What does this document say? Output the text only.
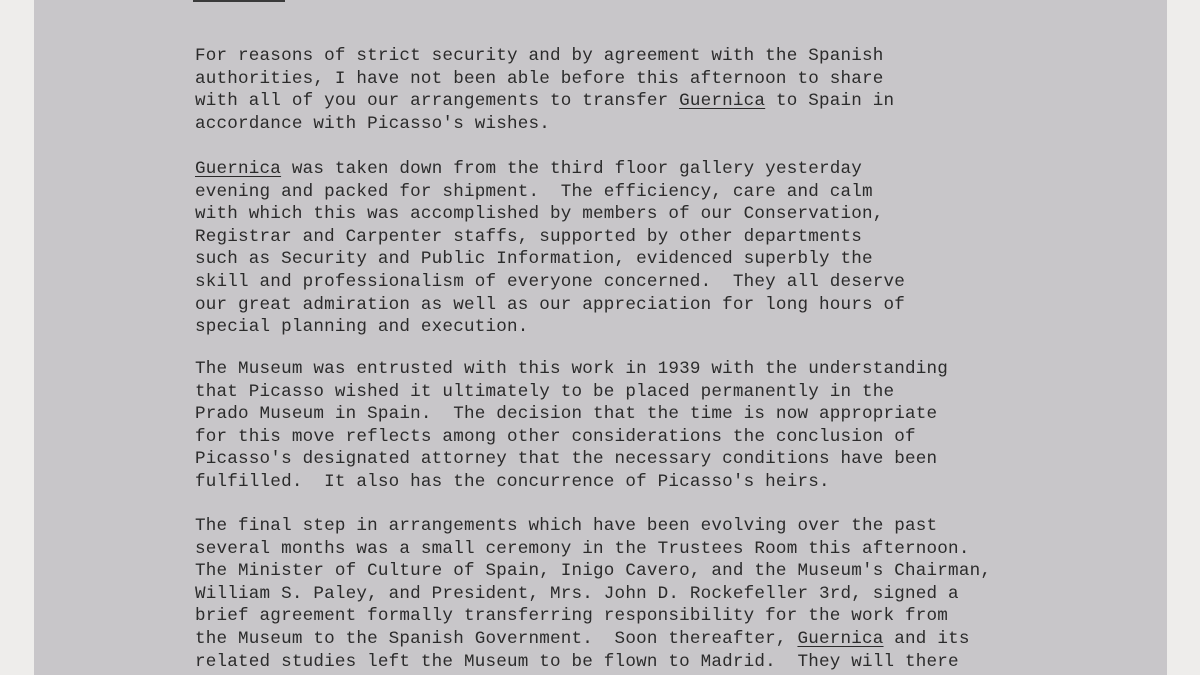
For reasons of strict security and by agreement with the Spanish
authorities, I have not been able before this afternoon to share
with all of you our arrangements to transfer Guernica to Spain in
accordance with Picasso's wishes.

Guernica was taken down from the third floor gallery yesterday
evening and packed for shipment.  The efficiency, care and calm
with which this was accomplished by members of our Conservation,
Registrar and Carpenter staffs, supported by other departments
such as Security and Public Information, evidenced superbly the
skill and professionalism of everyone concerned.  They all deserve
our great admiration as well as our appreciation for long hours of
special planning and execution.

The Museum was entrusted with this work in 1939 with the understanding
that Picasso wished it ultimately to be placed permanently in the
Prado Museum in Spain.  The decision that the time is now appropriate
for this move reflects among other considerations the conclusion of
Picasso's designated attorney that the necessary conditions have been
fulfilled.  It also has the concurrence of Picasso's heirs.

The final step in arrangements which have been evolving over the past
several months was a small ceremony in the Trustees Room this afternoon.
The Minister of Culture of Spain, Inigo Cavero, and the Museum's Chairman,
William S. Paley, and President, Mrs. John D. Rockefeller 3rd, signed a
brief agreement formally transferring responsibility for the work from
the Museum to the Spanish Government.  Soon thereafter, Guernica and its
related studies left the Museum to be flown to Madrid.  They will there
